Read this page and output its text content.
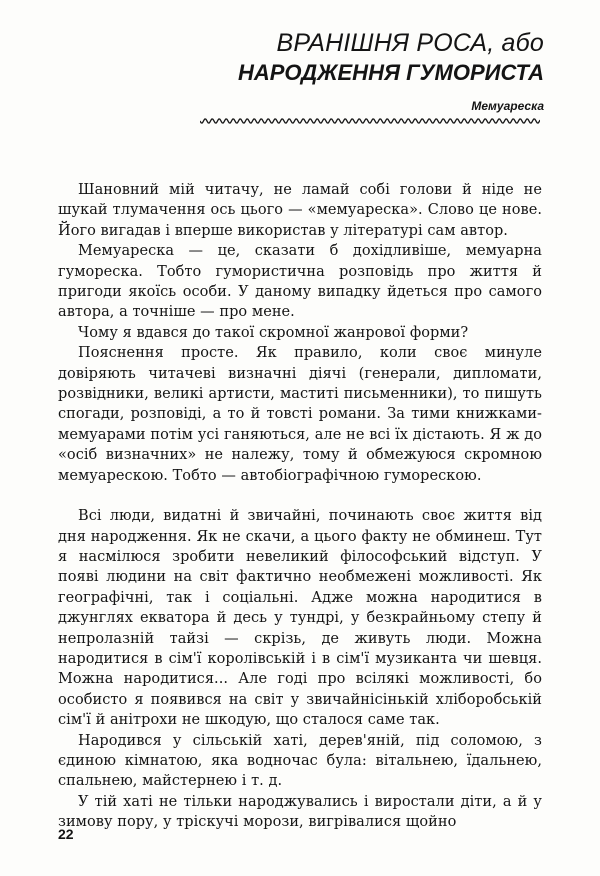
ВРАНІШНЯ РОСА, або
НАРОДЖЕННЯ ГУМОРИСТА
Мемуареска

Шановний мій читачу, не ламай собі голови й ніде не шукай тлумачення ось цього — «мемуареска». Слово це нове. Його вигадав і вперше використав у літературі сам автор.

Мемуареска — це, сказати б дохідливіше, мемуарна гумореска. Тобто гумористична розповідь про життя й пригоди якоїсь особи. У даному випадку йдеться про самого автора, а точніше — про мене.

Чому я вдався до такої скромної жанрової форми?

Пояснення просте. Як правило, коли своє минуле довіряють читачеві визначні діячі (генерали, дипломати, розвідники, великі артисти, маститі письменники), то пишуть спогади, розповіді, а то й товсті романи. За тими книжками-мемуарами потім усі ганяються, але не всі їх дістають. Я ж до «осіб визначних» не належу, тому й обмежуюся скромною мемуарескою. Тобто — автобіографічною гуморескою.

Всі люди, видатні й звичайні, починають своє життя від дня народження. Як не скачи, а цього факту не обминеш. Тут я насмілюся зробити невеликий філософський відступ. У появі людини на світ фактично необмежені можливості. Як географічні, так і соціальні. Адже можна народитися в джунглях екватора й десь у тундрі, у безкрайньому степу й непролазній тайзі — скрізь, де живуть люди. Можна народитися в сім'ї королівській і в сім'ї музиканта чи шевця. Можна народитися... Але годі про всілякі можливості, бо особисто я появився на світ у звичайнісінькій хліборобській сім'ї й анітрохи не шкодую, що сталося саме так.

Народився у сільській хаті, дерев'яній, під соломою, з єдиною кімнатою, яка водночас була: вітальнею, їдальнею, спальнею, майстернею і т. д.

У тій хаті не тільки народжувались і виростали діти, а й у зимову пору, у тріскучі морози, вигрівалися щойно

22
